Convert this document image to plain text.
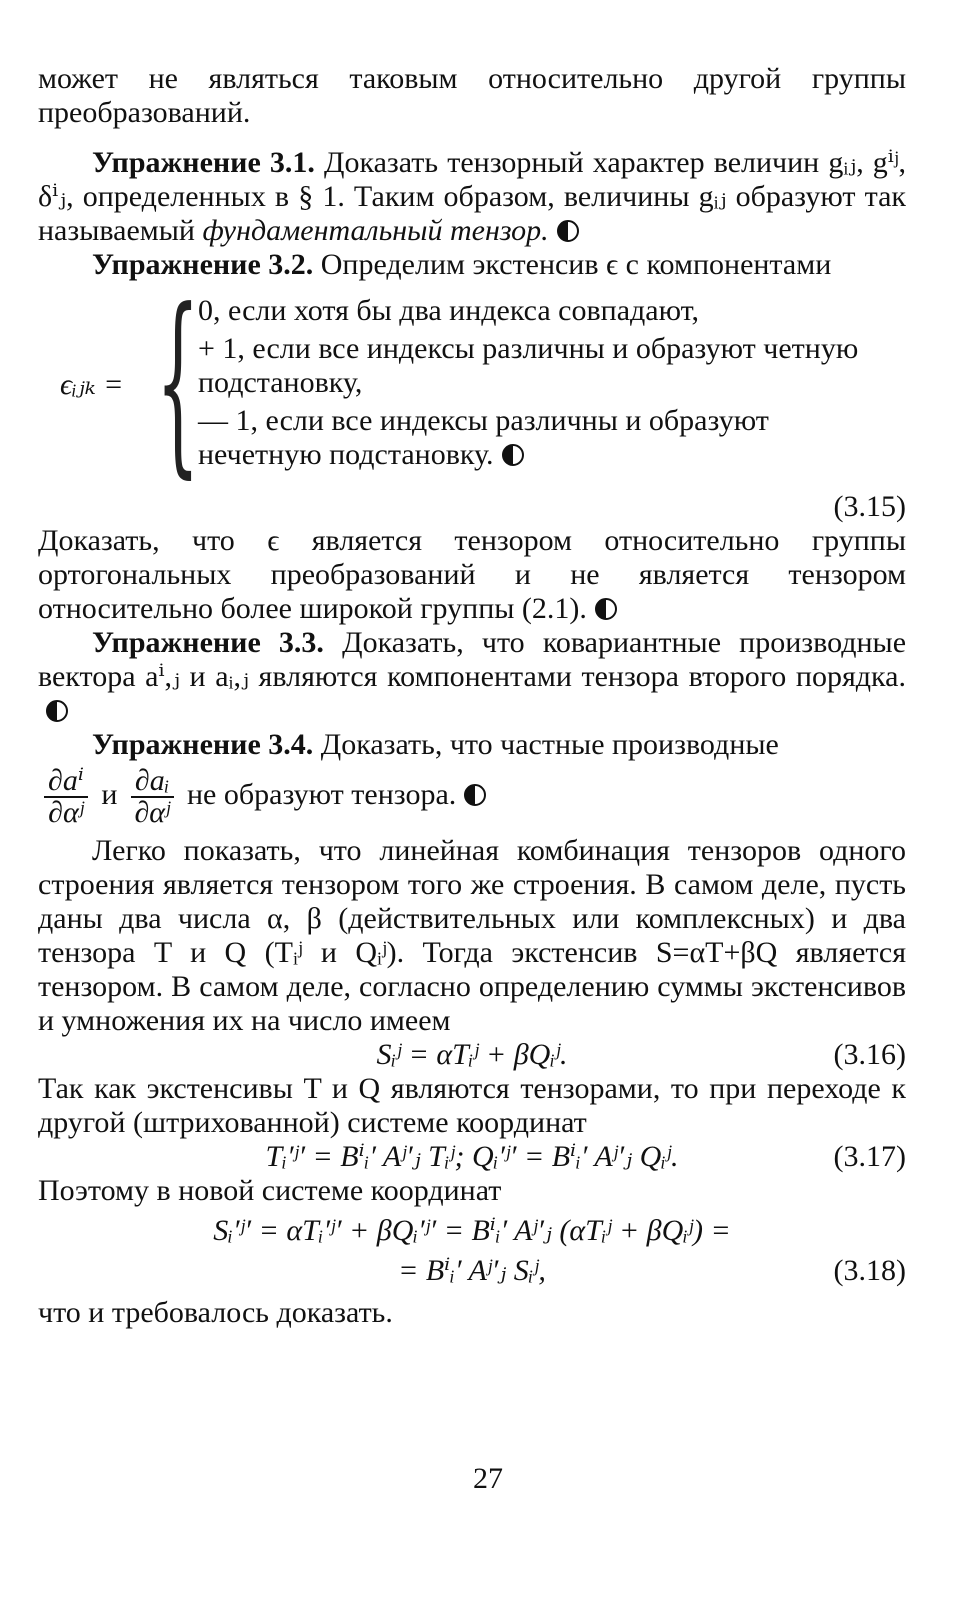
может не являться таковым относительно другой группы преобразований.

Упражнение 3.1. Доказать тензорный характер величин gᵢⱼ, gⁱʲ, δⁱⱼ, определенных в § 1. Таким образом, величины gᵢⱼ образуют так называемый фундаментальный тензор.

Упражнение 3.2. Определим экстенсив ϵ с компонентами

ϵᵢⱼₖ = {
0, если хотя бы два индекса совпадают,
+ 1, если все индексы различны и образуют четную подстановку,
— 1, если все индексы различны и образуют нечетную подстановку.

(3.15)

Доказать, что ϵ является тензором относительно группы ортогональных преобразований и не является тензором относительно более широкой группы (2.1).

Упражнение 3.3. Доказать, что ковариантные производные вектора aⁱ,ⱼ и aᵢ,ⱼ являются компонентами тензора второго порядка.

Упражнение 3.4. Доказать, что частные производные

$\frac{\text{∂aⁱ}}{\text{∂αʲ}}$ и $\frac{\text{∂aᵢ}}{\text{∂αʲ}}$ не образуют тензора.

Легко показать, что линейная комбинация тензоров одного строения является тензором того же строения. В самом деле, пусть даны два числа α, β (действительных или комплексных) и два тензора T и Q (Tᵢʲ и Qᵢʲ). Тогда экстенсив S=αT+βQ является тензором. В самом деле, согласно определению суммы экстенсивов и умножения их на число имеем

Sᵢʲ = αTᵢʲ + βQᵢʲ.	(3.16)

Так как экстенсивы T и Q являются тензорами, то при переходе к другой (штрихованной) системе координат

Tᵢ′ʲ′ = Bⁱᵢ′ Aʲ′ⱼ Tᵢʲ; Qᵢ′ʲ′ = Bⁱᵢ′ Aʲ′ⱼ Qᵢʲ.	(3.17)

Поэтому в новой системе координат

Sᵢ′ʲ′ = αTᵢ′ʲ′ + βQᵢ′ʲ′ = Bⁱᵢ′ Aʲ′ⱼ (αTᵢʲ + βQᵢʲ) =

= Bⁱᵢ′ Aʲ′ⱼ Sᵢʲ,	(3.18)

что и требовалось доказать.

27
